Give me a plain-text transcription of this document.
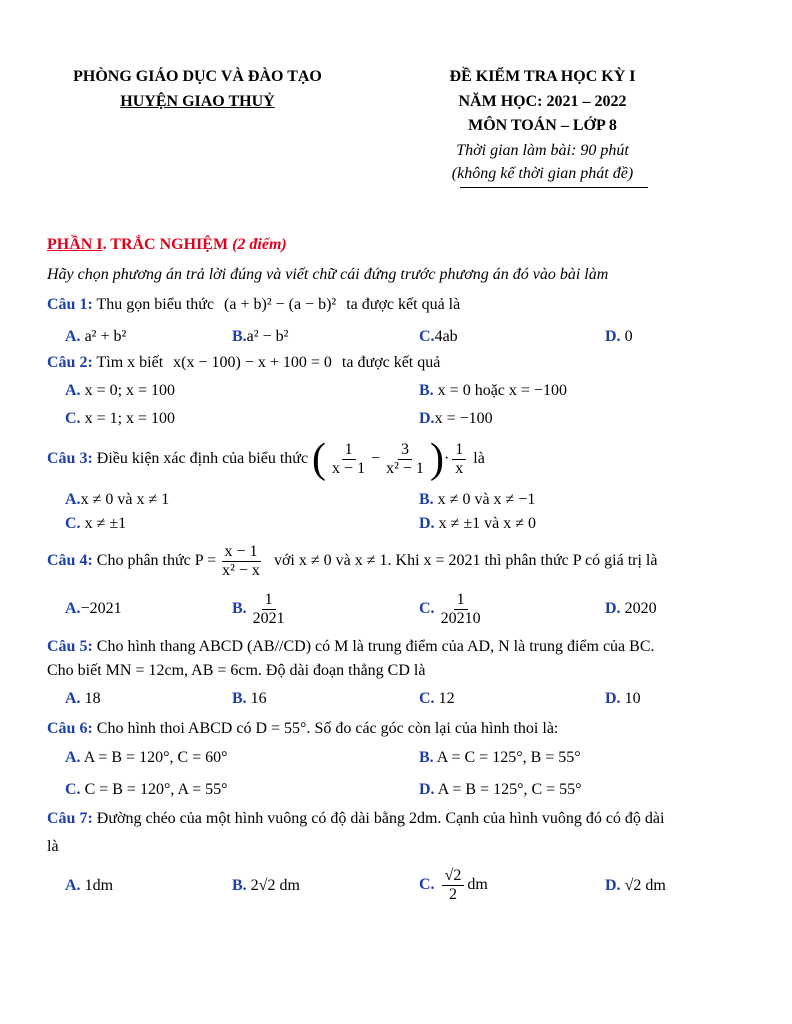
PHÒNG GIÁO DỤC VÀ ĐÀO TẠO
HUYỆN GIAO THUỶ
ĐỀ KIỂM TRA HỌC KỲ I
NĂM HỌC: 2021 – 2022
MÔN TOÁN – LỚP 8
Thời gian làm bài: 90 phút
(không kể thời gian phát đề)
PHẦN I. TRẮC NGHIỆM (2 điểm)
Hãy chọn phương án trả lời đúng và viết chữ cái đứng trước phương án đó vào bài làm
Câu 1: Thu gọn biểu thức (a + b)² − (a − b)² ta được kết quả là
A. a² + b²	B.a² − b²	C.4ab	D. 0
Câu 2: Tìm x biết x(x − 100) − x + 100 = 0 ta được kết quả
A. x = 0; x = 100	B. x = 0 hoặc x = −100
C. x = 1; x = 100	D.x = −100
Câu 3:
Điều kiện xác định của biểu thức
( $\frac{1}{x - 1} - \frac{3}{\text{x² − 1}}$ ) · $\frac{1}{x}$
là
A.x ≠ 0 và x ≠ 1	B. x ≠ 0 và x ≠ −1
C. x ≠ ±1	D. x ≠ ±1 và x ≠ 0
Câu 4:
Cho phân thức
$P = \frac{x - 1}{\text{x² − x}}$
với x ≠ 0 và x ≠ 1. Khi x = 2021 thì phân thức P có giá trị là
A.−2021	B. $\frac{1}{2021}$	C. $\frac{1}{20210}$	D. 2020
Câu 5: Cho hình thang ABCD (AB//CD) có M là trung điểm của AD, N là trung điểm của BC.
Cho biết MN = 12cm, AB = 6cm. Độ dài đoạn thẳng CD là
A. 18	B. 16	C. 12	D. 10
Câu 6: Cho hình thoi ABCD có D = 55°. Số đo các góc còn lại của hình thoi là:
A. A = B = 120°, C = 60°	B. A = C = 125°, B = 55°
C. C = B = 120°, A = 55°	D. A = B = 125°, C = 55°
Câu 7: Đường chéo của một hình vuông có độ dài bằng 2dm. Cạnh của hình vuông đó có độ dài
là
A. 1dm	B. 2√2 dm	C.
$\frac{√2}{2}$ dm	D. √2 dm
